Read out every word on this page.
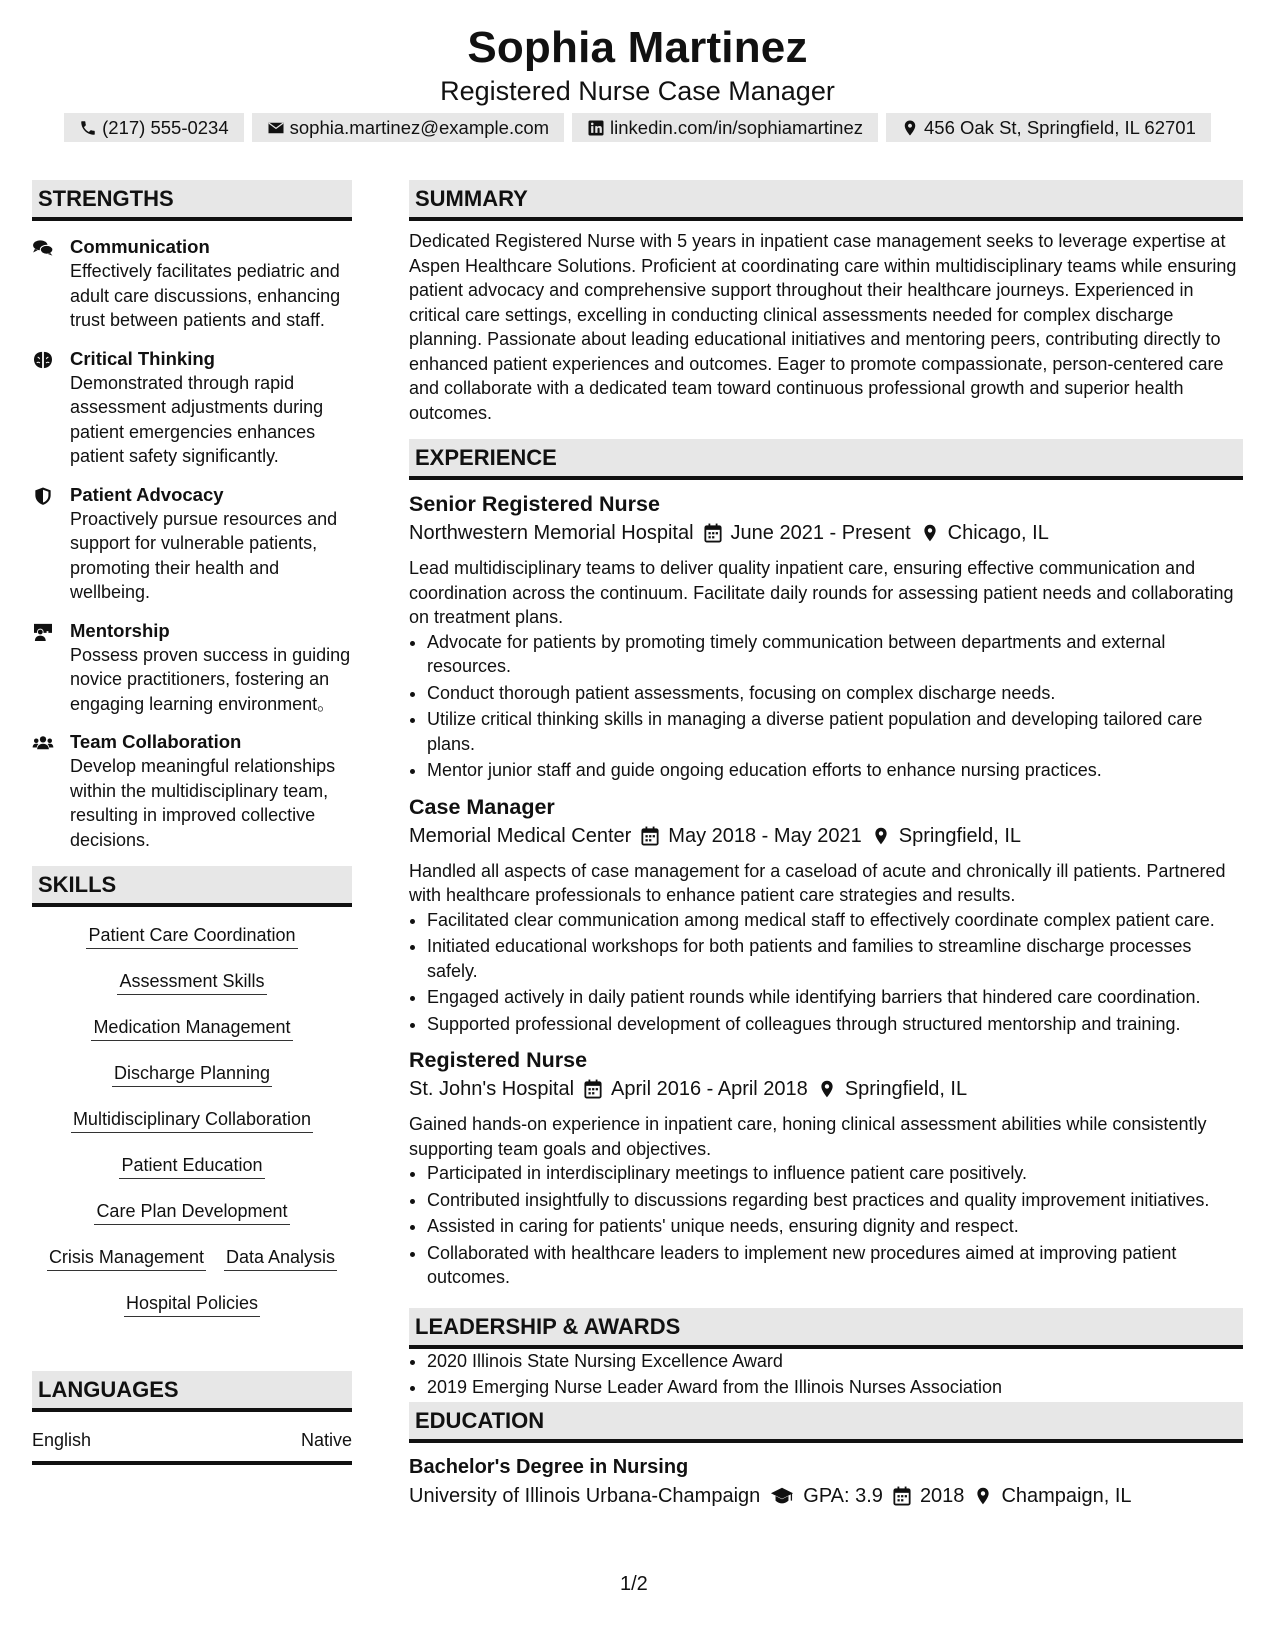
Sophia Martinez
Registered Nurse Case Manager
(217) 555-0234	sophia.martinez@example.com	linkedin.com/in/sophiamartinez	456 Oak St, Springfield, IL 62701
STRENGTHS
Communication
Effectively facilitates pediatric and adult care discussions, enhancing trust between patients and staff.
Critical Thinking
Demonstrated through rapid assessment adjustments during patient emergencies enhances patient safety significantly.
Patient Advocacy
Proactively pursue resources and support for vulnerable patients, promoting their health and wellbeing.
Mentorship
Possess proven success in guiding novice practitioners, fostering an engaging learning environment。
Team Collaboration
Develop meaningful relationships within the multidisciplinary team, resulting in improved collective decisions.
SKILLS
Patient Care Coordination
Assessment Skills
Medication Management
Discharge Planning
Multidisciplinary Collaboration
Patient Education
Care Plan Development
Crisis Management Data Analysis
Hospital Policies
LANGUAGES
English	Native
SUMMARY

Dedicated Registered Nurse with 5 years in inpatient case management seeks to leverage expertise at Aspen Healthcare Solutions. Proficient at coordinating care within multidisciplinary teams while ensuring patient advocacy and comprehensive support throughout their healthcare journeys. Experienced in critical care settings, excelling in conducting clinical assessments needed for complex discharge planning. Passionate about leading educational initiatives and mentoring peers, contributing directly to enhanced patient experiences and outcomes. Eager to promote compassionate, person-centered care and collaborate with a dedicated team toward continuous professional growth and superior health outcomes.

EXPERIENCE
Senior Registered Nurse
Northwestern Memorial Hospital June 2021 - Present Chicago, IL

Lead multidisciplinary teams to deliver quality inpatient care, ensuring effective communication and coordination across the continuum. Facilitate daily rounds for assessing patient needs and collaborating on treatment plans.

• Advocate for patients by promoting timely communication between departments and external resources.
• Conduct thorough patient assessments, focusing on complex discharge needs.
• Utilize critical thinking skills in managing a diverse patient population and developing tailored care plans.
• Mentor junior staff and guide ongoing education efforts to enhance nursing practices.
Case Manager
Memorial Medical Center May 2018 - May 2021 Springfield, IL

Handled all aspects of case management for a caseload of acute and chronically ill patients. Partnered with healthcare professionals to enhance patient care strategies and results.

• Facilitated clear communication among medical staff to effectively coordinate complex patient care.
• Initiated educational workshops for both patients and families to streamline discharge processes safely.
• Engaged actively in daily patient rounds while identifying barriers that hindered care coordination.
• Supported professional development of colleagues through structured mentorship and training.
Registered Nurse
St. John's Hospital April 2016 - April 2018 Springfield, IL

Gained hands-on experience in inpatient care, honing clinical assessment abilities while consistently supporting team goals and objectives.

• Participated in interdisciplinary meetings to influence patient care positively.
• Contributed insightfully to discussions regarding best practices and quality improvement initiatives.
• Assisted in caring for patients' unique needs, ensuring dignity and respect.
• Collaborated with healthcare leaders to implement new procedures aimed at improving patient outcomes.
LEADERSHIP & AWARDS
• 2020 Illinois State Nursing Excellence Award
• 2019 Emerging Nurse Leader Award from the Illinois Nurses Association
EDUCATION
Bachelor's Degree in Nursing
University of Illinois Urbana-Champaign GPA: 3.9 2018 Champaign, IL
1/2
